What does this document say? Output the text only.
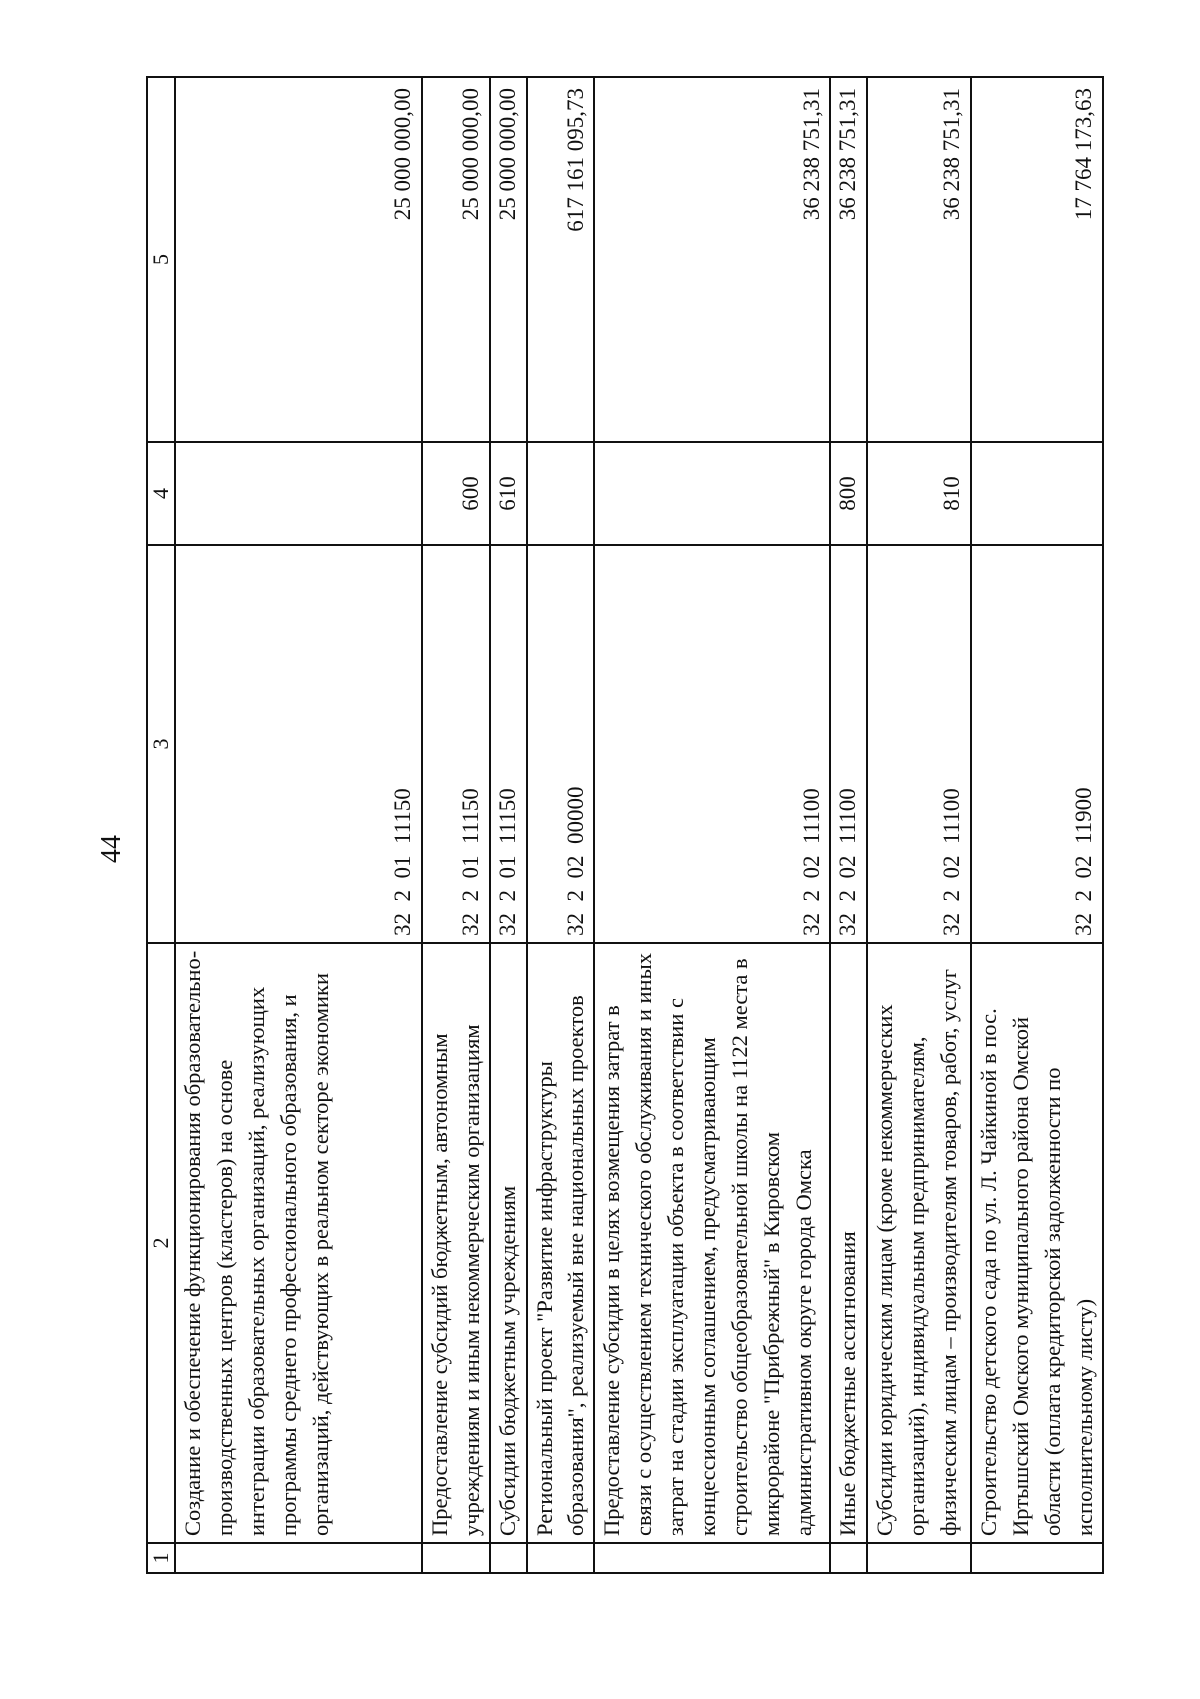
44
1	2	3	4	5
	Создание и обеспечение функционирования образовательно-производственных центров (кластеров) на основе интеграции образовательных организаций, реализующих программы среднего профессионального образования, и организаций, действующих в реальном секторе экономики	32  2  01  11150		25 000 000,00
	Предоставление субсидий бюджетным, автономным учреждениям и иным некоммерческим организациям	32  2  01  11150	600	25 000 000,00
	Субсидии бюджетным учреждениям	32  2  01  11150	610	25 000 000,00
	Региональный проект "Развитие инфраструктуры образования", реализуемый вне национальных проектов	32  2  02  00000		617 161 095,73
	Предоставление субсидии в целях возмещения затрат в связи с осуществлением технического обслуживания и иных затрат на стадии эксплуатации объекта в соответствии с концессионным соглашением, предусматривающим строительство общеобразовательной школы на 1122 места в микрорайоне "Прибрежный" в Кировском административном округе города Омска	32  2  02  11100		36 238 751,31
	Иные бюджетные ассигнования	32  2  02  11100	800	36 238 751,31
	Субсидии юридическим лицам (кроме некоммерческих организаций), индивидуальным предпринимателям, физическим лицам – производителям товаров, работ, услуг	32  2  02  11100	810	36 238 751,31
	Строительство детского сада по ул. Л. Чайкиной в пос. Иртышский Омского муниципального района Омской области (оплата кредиторской задолженности по исполнительному листу)	32  2  02  11900		17 764 173,63
